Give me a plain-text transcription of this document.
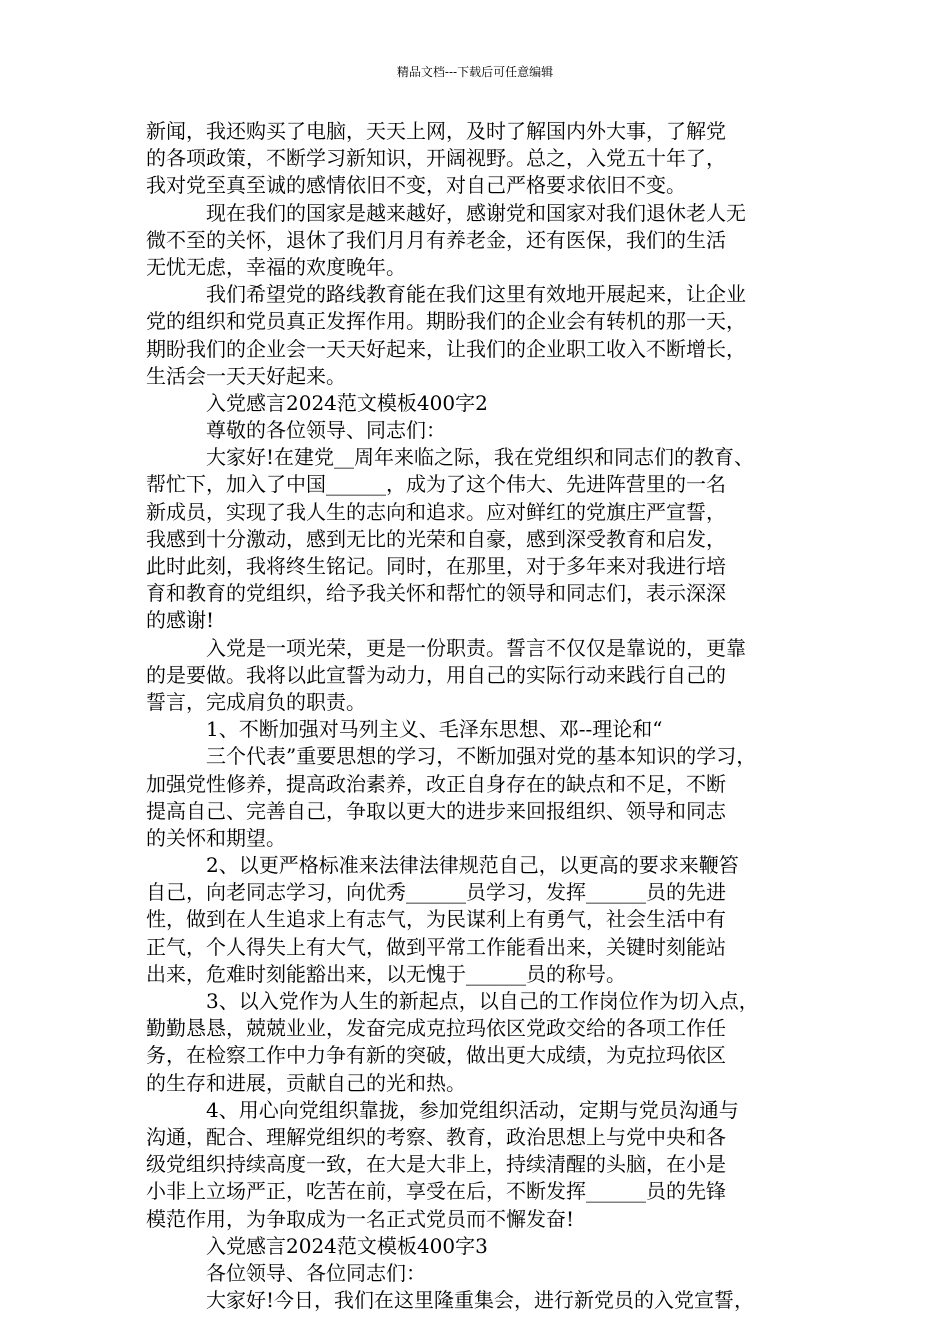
精品文档---下载后可任意编辑
新闻，我还购买了电脑，天天上网，及时了解国内外大事，了解党
的各项政策，不断学习新知识，开阔视野。总之，入党五十年了，
我对党至真至诚的感情依旧不变，对自己严格要求依旧不变。
现在我们的国家是越来越好，感谢党和国家对我们退休老人无
微不至的关怀，退休了我们月月有养老金，还有医保，我们的生活
无忧无虑，幸福的欢度晚年。
我们希望党的路线教育能在我们这里有效地开展起来，让企业
党的组织和党员真正发挥作用。期盼我们的企业会有转机的那一天，
期盼我们的企业会一天天好起来，让我们的企业职工收入不断增长，
生活会一天天好起来。
入党感言2024范文模板400字2
尊敬的各位领导、同志们：
大家好!在建党__周年来临之际，我在党组织和同志们的教育、
帮忙下，加入了中国______，成为了这个伟大、先进阵营里的一名
新成员，实现了我人生的志向和追求。应对鲜红的党旗庄严宣誓，
我感到十分激动，感到无比的光荣和自豪，感到深受教育和启发，
此时此刻，我将终生铭记。同时，在那里，对于多年来对我进行培
育和教育的党组织，给予我关怀和帮忙的领导和同志们，表示深深
的感谢!
入党是一项光荣，更是一份职责。誓言不仅仅是靠说的，更靠
的是要做。我将以此宣誓为动力，用自己的实际行动来践行自己的
誓言，完成肩负的职责。
1、不断加强对马列主义、毛泽东思想、邓--理论和“
三个代表”重要思想的学习，不断加强对党的基本知识的学习，
加强党性修养，提高政治素养，改正自身存在的缺点和不足，不断
提高自己、完善自己，争取以更大的进步来回报组织、领导和同志
的关怀和期望。
2、以更严格标准来法律法律规范自己，以更高的要求来鞭笞
自己，向老同志学习，向优秀______员学习，发挥______员的先进
性，做到在人生追求上有志气，为民谋利上有勇气，社会生活中有
正气，个人得失上有大气，做到平常工作能看出来，关键时刻能站
出来，危难时刻能豁出来，以无愧于______员的称号。
3、以入党作为人生的新起点，以自己的工作岗位作为切入点，
勤勤恳恳，兢兢业业，发奋完成克拉玛依区党政交给的各项工作任
务，在检察工作中力争有新的突破，做出更大成绩，为克拉玛依区
的生存和进展，贡献自己的光和热。
4、用心向党组织靠拢，参加党组织活动，定期与党员沟通与
沟通，配合、理解党组织的考察、教育，政治思想上与党中央和各
级党组织持续高度一致，在大是大非上，持续清醒的头脑，在小是
小非上立场严正，吃苦在前，享受在后，不断发挥______员的先锋
模范作用，为争取成为一名正式党员而不懈发奋!
入党感言2024范文模板400字3
各位领导、各位同志们：
大家好!今日，我们在这里隆重集会，进行新党员的入党宣誓，
